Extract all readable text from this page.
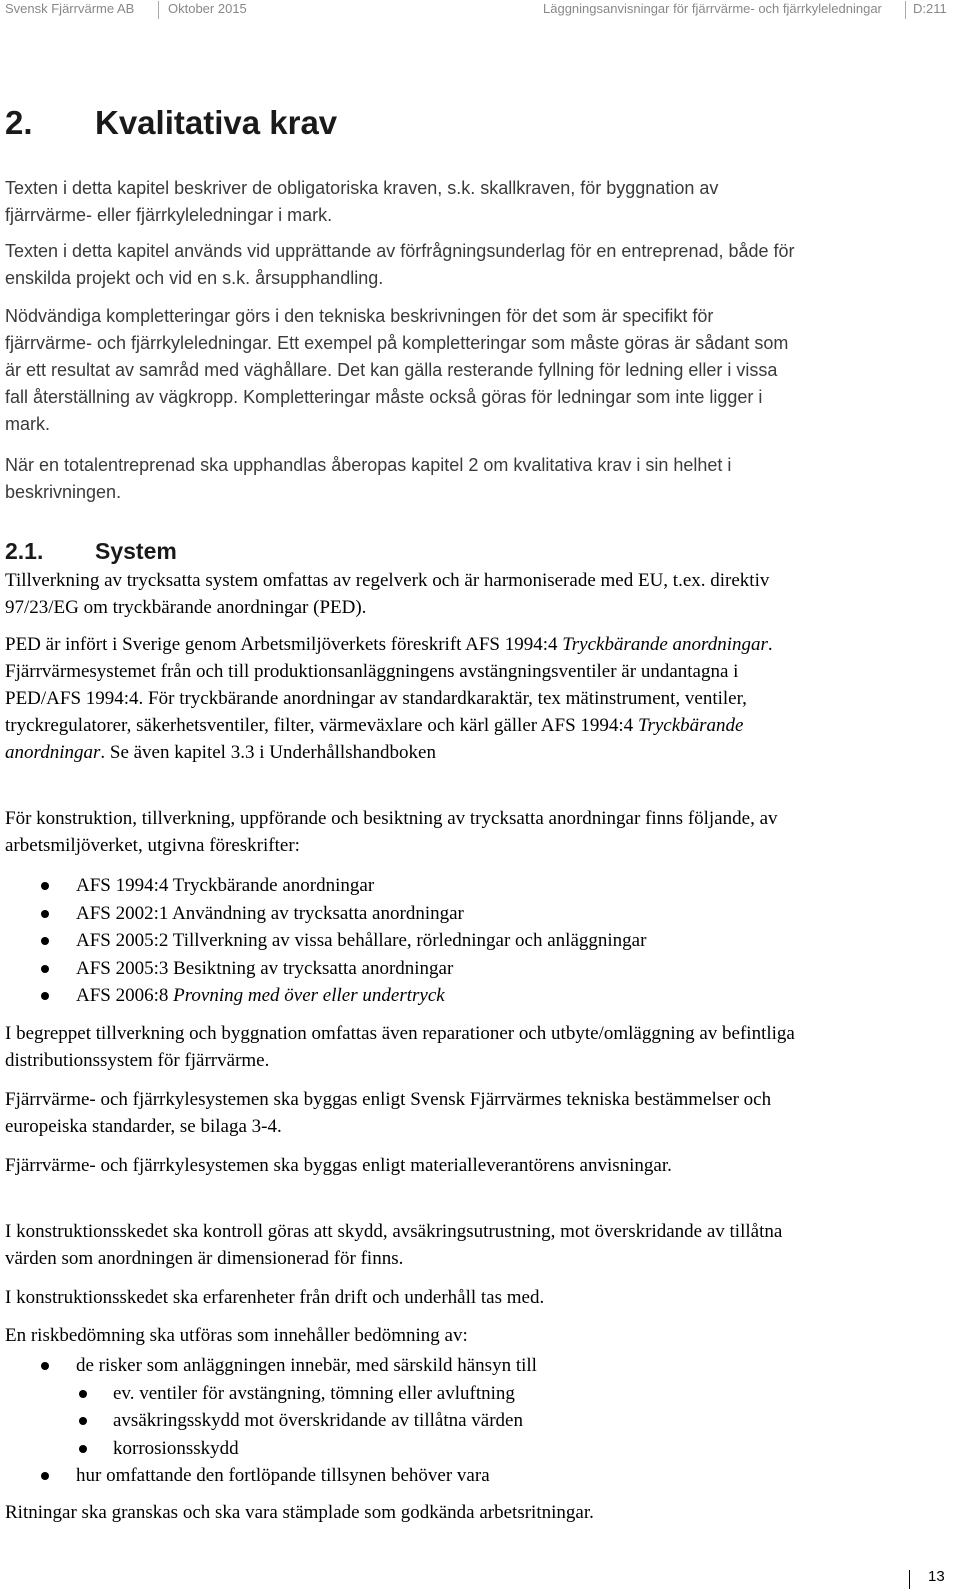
Svensk Fjärrvärme AB	Oktober 2015	Läggningsanvisningar för fjärrvärme- och fjärrkyleledningar D:211
2. Kvalitativa krav

Texten i detta kapitel beskriver de obligatoriska kraven, s.k. skallkraven, för byggnation av fjärrvärme- eller fjärrkyleledningar i mark.

Texten i detta kapitel används vid upprättande av förfrågningsunderlag för en entreprenad, både för enskilda projekt och vid en s.k. årsupphandling.

Nödvändiga kompletteringar görs i den tekniska beskrivningen för det som är specifikt för fjärrvärme- och fjärrkyleledningar. Ett exempel på kompletteringar som måste göras är sådant som är ett resultat av samråd med väghållare. Det kan gälla resterande fyllning för ledning eller i vissa fall återställning av vägkropp. Kompletteringar måste också göras för ledningar som inte ligger i mark.

När en totalentreprenad ska upphandlas åberopas kapitel 2 om kvalitativa krav i sin helhet i beskrivningen.

2.1. System

Tillverkning av trycksatta system omfattas av regelverk och är harmoniserade med EU, t.ex. direktiv 97/23/EG om tryckbärande anordningar (PED).

PED är infört i Sverige genom Arbetsmiljöverkets föreskrift AFS 1994:4 Tryckbärande anordningar. Fjärrvärmesystemet från och till produktionsanläggningens avstängningsventiler är undantagna i PED/AFS 1994:4. För tryckbärande anordningar av standardkaraktär, tex mätinstrument, ventiler, tryckregulatorer, säkerhetsventiler, filter, värmeväxlare och kärl gäller AFS 1994:4 Tryckbärande anordningar. Se även kapitel 3.3 i Underhållshandboken

För konstruktion, tillverkning, uppförande och besiktning av trycksatta anordningar finns följande, av arbetsmiljöverket, utgivna föreskrifter:

AFS 1994:4 Tryckbärande anordningar
AFS 2002:1 Användning av trycksatta anordningar
AFS 2005:2 Tillverkning av vissa behållare, rörledningar och anläggningar
AFS 2005:3 Besiktning av trycksatta anordningar
AFS 2006:8 Provning med över eller undertryck

I begreppet tillverkning och byggnation omfattas även reparationer och utbyte/omläggning av befintliga distributionssystem för fjärrvärme.

Fjärrvärme- och fjärrkylesystemen ska byggas enligt Svensk Fjärrvärmes tekniska bestämmelser och europeiska standarder, se bilaga 3-4.

Fjärrvärme- och fjärrkylesystemen ska byggas enligt materialleverantörens anvisningar.

I konstruktionsskedet ska kontroll göras att skydd, avsäkringsutrustning, mot överskridande av tillåtna värden som anordningen är dimensionerad för finns.

I konstruktionsskedet ska erfarenheter från drift och underhåll tas med.

En riskbedömning ska utföras som innehåller bedömning av:

de risker som anläggningen innebär, med särskild hänsyn till
ev. ventiler för avstängning, tömning eller avluftning
avsäkringsskydd mot överskridande av tillåtna värden
korrosionsskydd
hur omfattande den fortlöpande tillsynen behöver vara

Ritningar ska granskas och ska vara stämplade som godkända arbetsritningar.

13
